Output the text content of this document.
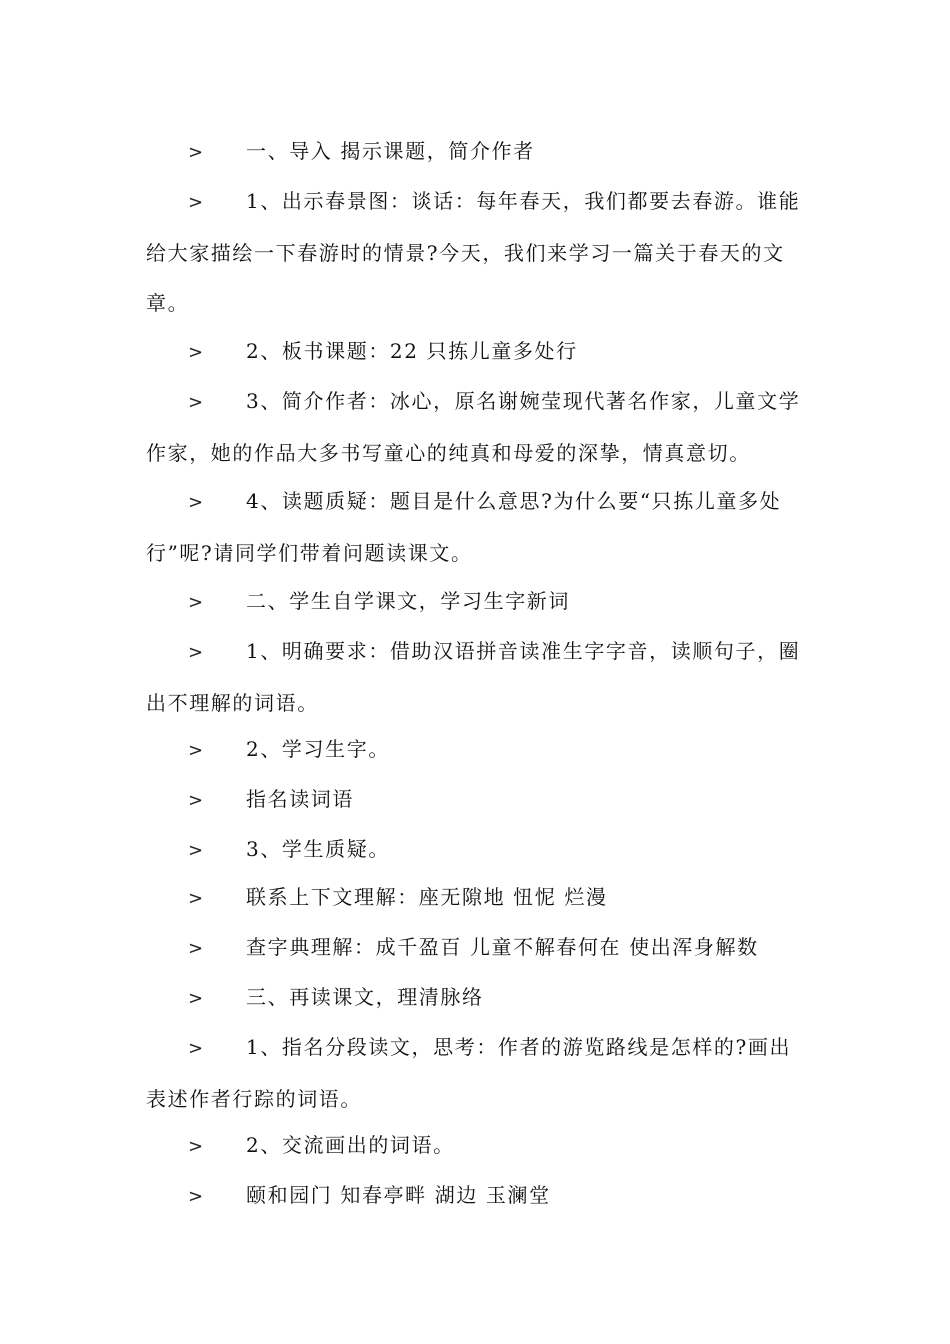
> 一、导入 揭示课题，简介作者
> 1、出示春景图：谈话：每年春天，我们都要去春游。谁能给大家描绘一下春游时的情景?今天，我们来学习一篇关于春天的文章。
> 2、板书课题：22 只拣儿童多处行
> 3、简介作者：冰心，原名谢婉莹现代著名作家，儿童文学作家，她的作品大多书写童心的纯真和母爱的深挚，情真意切。
> 4、读题质疑：题目是什么意思?为什么要“只拣儿童多处行”呢?请同学们带着问题读课文。
> 二、学生自学课文，学习生字新词
> 1、明确要求：借助汉语拼音读准生字字音，读顺句子，圈出不理解的词语。
> 2、学习生字。
> 指名读词语
> 3、学生质疑。
> 联系上下文理解：座无隙地 忸怩 烂漫
> 查字典理解：成千盈百 儿童不解春何在 使出浑身解数
> 三、再读课文，理清脉络
> 1、指名分段读文，思考：作者的游览路线是怎样的?画出表述作者行踪的词语。
> 2、交流画出的词语。
> 颐和园门 知春亭畔 湖边 玉澜堂
